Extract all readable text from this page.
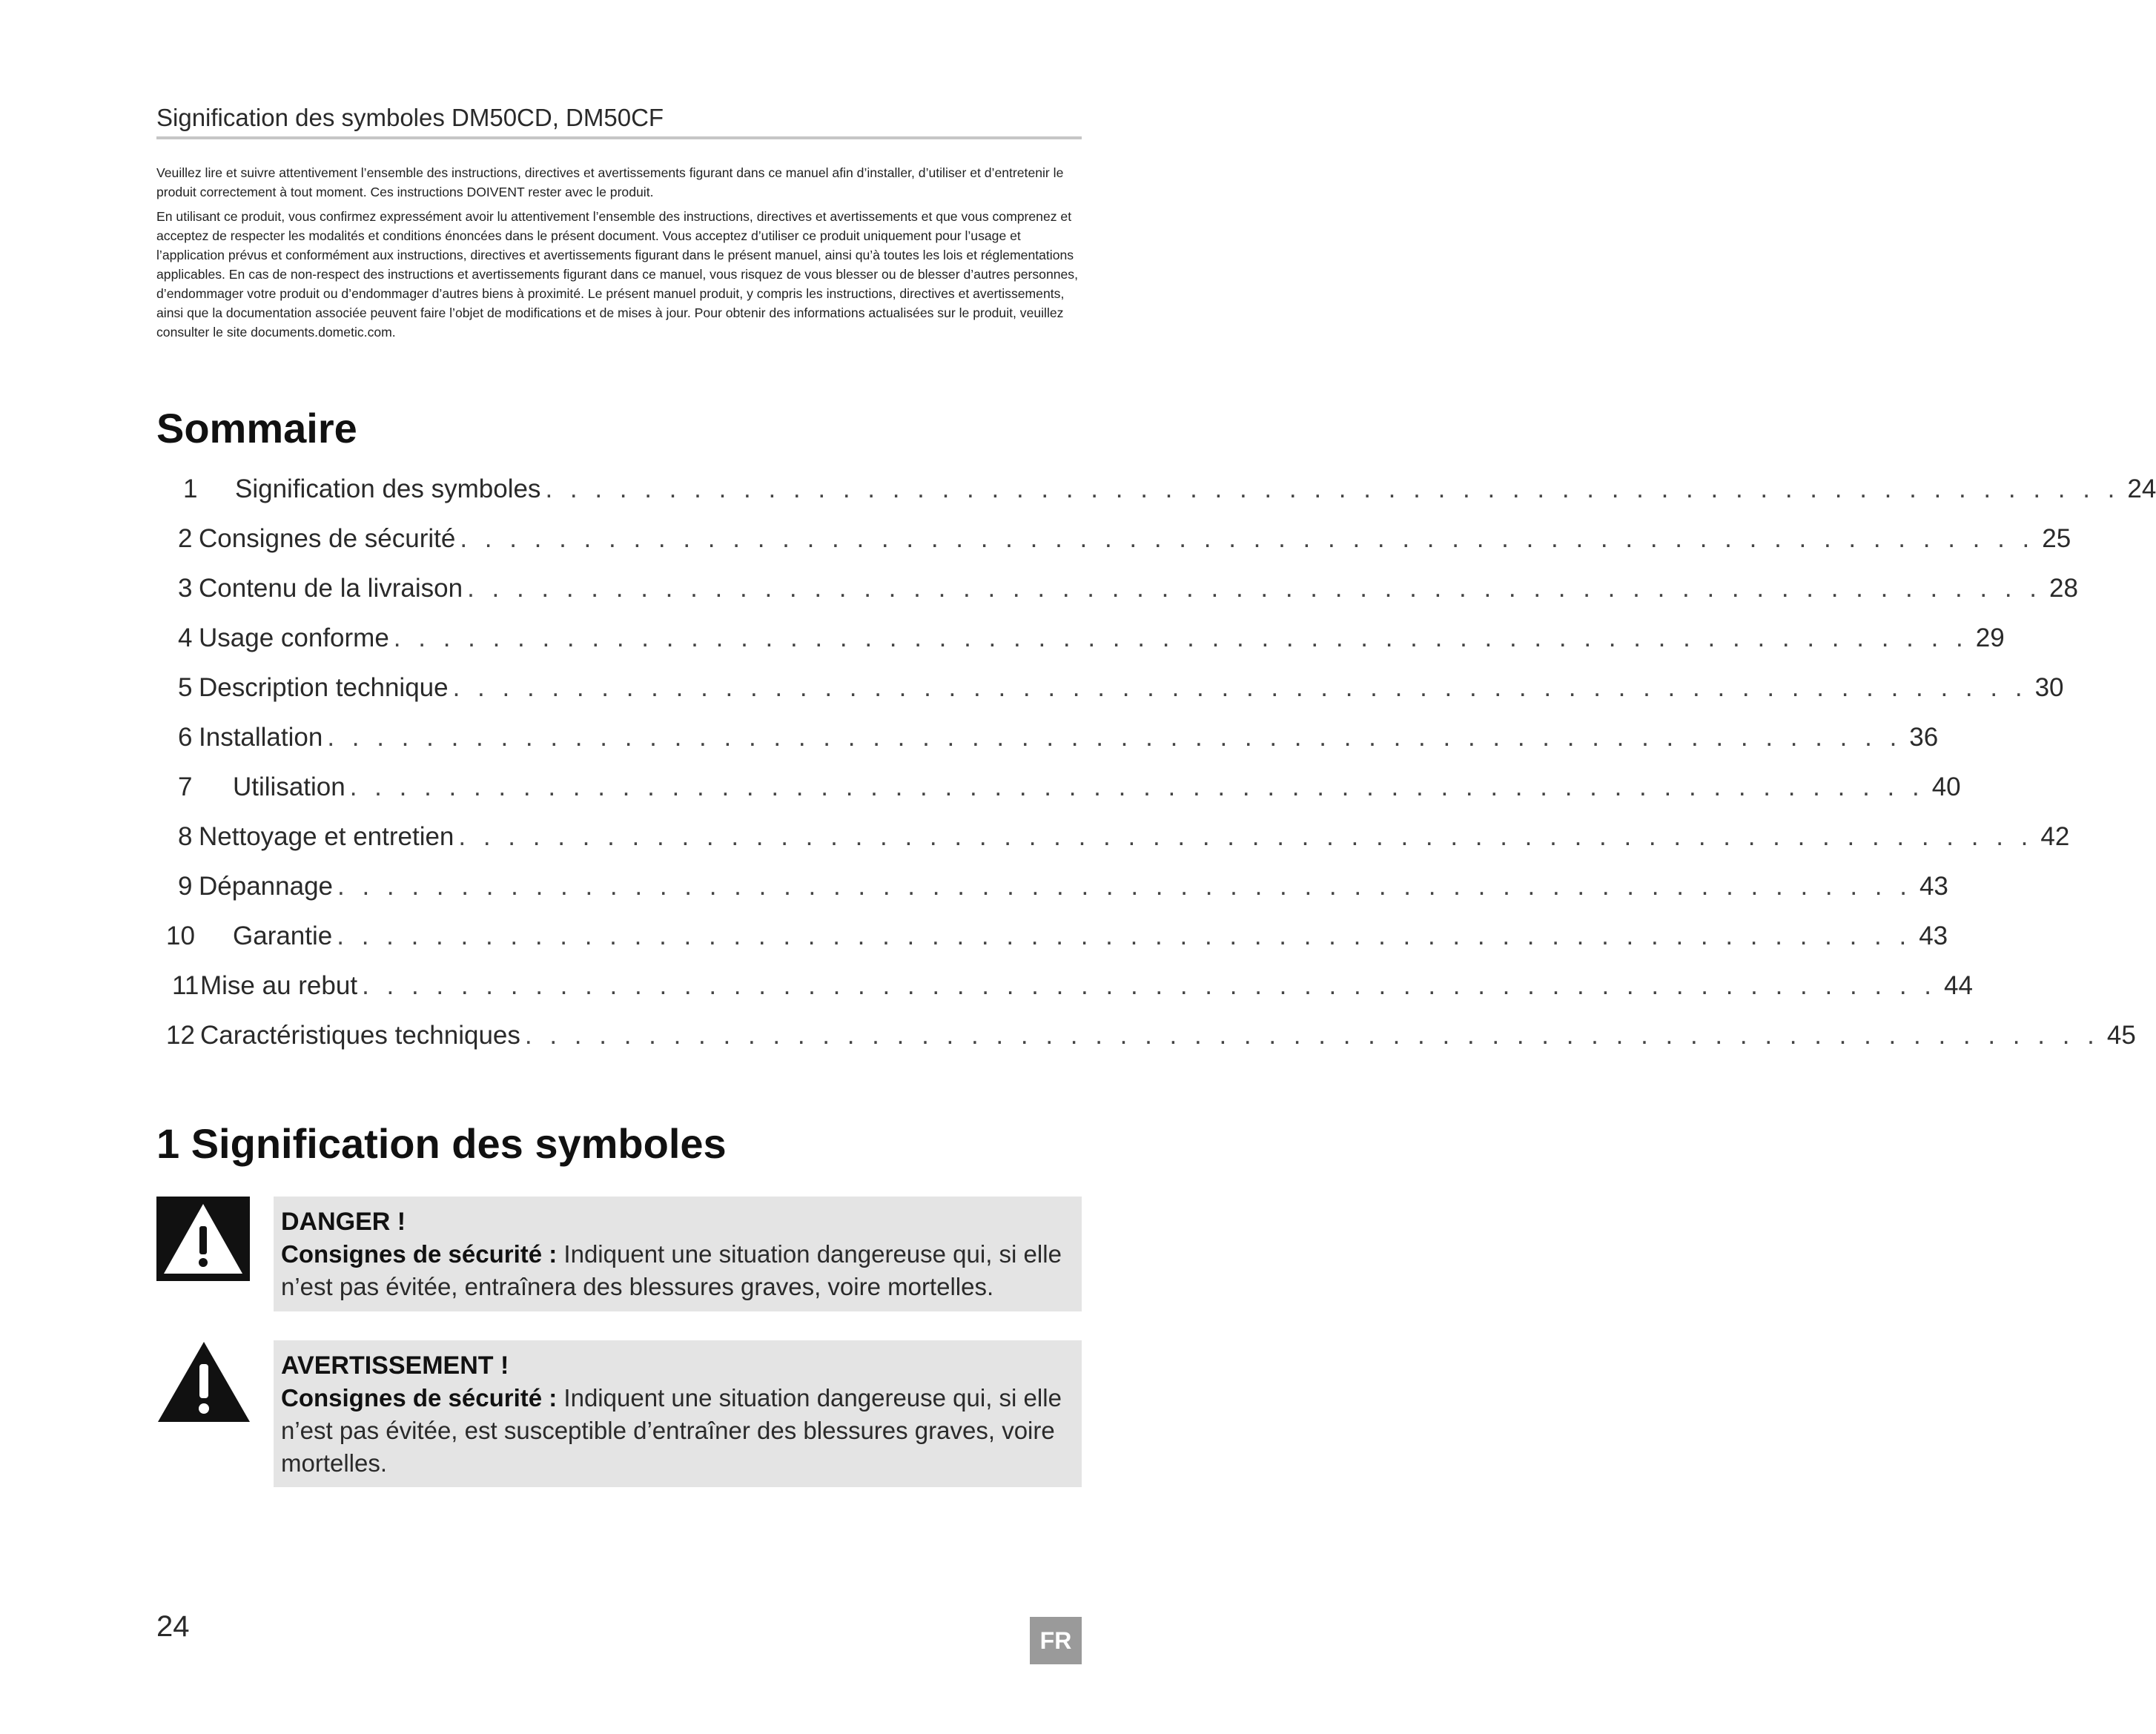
Signification des symboles DM50CD, DM50CF

Veuillez lire et suivre attentivement l’ensemble des instructions, directives et avertissements figurant dans ce manuel afin d’installer, d’utiliser et d’entretenir le produit correctement à tout moment. Ces instructions DOIVENT rester avec le produit.

En utilisant ce produit, vous confirmez expressément avoir lu attentivement l’ensemble des instructions, directives et avertissements et que vous comprenez et acceptez de respecter les modalités et conditions énoncées dans le présent document. Vous acceptez d’utiliser ce produit uniquement pour l’usage et l’application prévus et conformément aux instructions, directives et avertissements figurant dans le présent manuel, ainsi qu’à toutes les lois et réglementations applicables. En cas de non-respect des instructions et avertissements figurant dans ce manuel, vous risquez de vous blesser ou de blesser d’autres personnes, d’endommager votre produit ou d’endommager d’autres biens à proximité. Le présent manuel produit, y compris les instructions, directives et avertissements, ainsi que la documentation associée peuvent faire l’objet de modifications et de mises à jour. Pour obtenir des informations actualisées sur le produit, veuillez consulter le site documents.dometic.com.

Sommaire
1	Signification des symboles . . . . . . . . . . . . . . . . . . . . . . . . . . . . . . . . . . . . . . . . . . . . . . . . . . . . . . . . . . . . . . . . 24
2 Consignes de sécurité . . . . . . . . . . . . . . . . . . . . . . . . . . . . . . . . . . . . . . . . . . . . . . . . . . . . . . . . . . . . . . . . 25
3 Contenu de la livraison . . . . . . . . . . . . . . . . . . . . . . . . . . . . . . . . . . . . . . . . . . . . . . . . . . . . . . . . . . . . . . . . 28
4 Usage conforme . . . . . . . . . . . . . . . . . . . . . . . . . . . . . . . . . . . . . . . . . . . . . . . . . . . . . . . . . . . . . . . . 29
5 Description technique . . . . . . . . . . . . . . . . . . . . . . . . . . . . . . . . . . . . . . . . . . . . . . . . . . . . . . . . . . . . . . . . 30
6 Installation . . . . . . . . . . . . . . . . . . . . . . . . . . . . . . . . . . . . . . . . . . . . . . . . . . . . . . . . . . . . . . . . 36
7	Utilisation . . . . . . . . . . . . . . . . . . . . . . . . . . . . . . . . . . . . . . . . . . . . . . . . . . . . . . . . . . . . . . . . 40
8 Nettoyage et entretien . . . . . . . . . . . . . . . . . . . . . . . . . . . . . . . . . . . . . . . . . . . . . . . . . . . . . . . . . . . . . . . . 42
9 Dépannage . . . . . . . . . . . . . . . . . . . . . . . . . . . . . . . . . . . . . . . . . . . . . . . . . . . . . . . . . . . . . . . . 43
10	Garantie . . . . . . . . . . . . . . . . . . . . . . . . . . . . . . . . . . . . . . . . . . . . . . . . . . . . . . . . . . . . . . . . 43
11 Mise au rebut . . . . . . . . . . . . . . . . . . . . . . . . . . . . . . . . . . . . . . . . . . . . . . . . . . . . . . . . . . . . . . . . 44
12 Caractéristiques techniques . . . . . . . . . . . . . . . . . . . . . . . . . . . . . . . . . . . . . . . . . . . . . . . . . . . . . . . . . . . . . . . . 45
1 Signification des symboles
DANGER !
Consignes de sécurité : Indiquent une situation dangereuse qui, si elle n’est pas évitée, entraînera des blessures graves, voire mortelles.
AVERTISSEMENT !
Consignes de sécurité : Indiquent une situation dangereuse qui, si elle n’est pas évitée, est susceptible d’entraîner des blessures graves, voire mortelles.
24	FR
